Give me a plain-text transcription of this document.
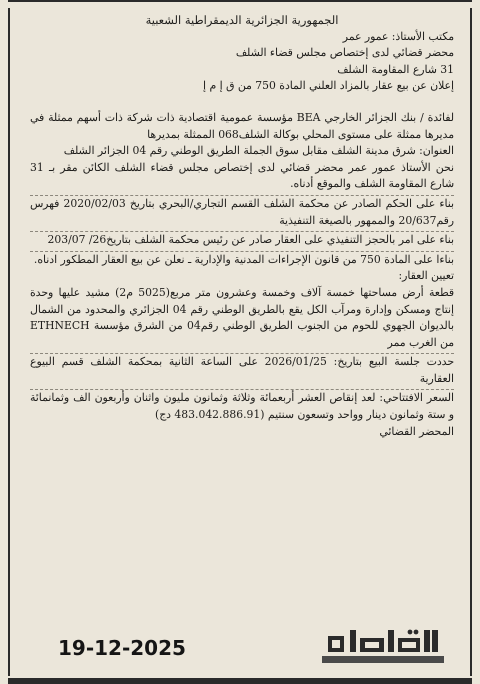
الجمهورية الجزائرية الديمقراطية الشعبية

مكتب الأستاذ: عمور عمر

محضر قضائي لدى إختصاص مجلس قضاء الشلف

31 شارع المقاومة الشلف

إعلان عن بيع عقار بالمزاد العلني المادة 750 من ق إ م إ

لفائدة / بنك الجزائر الخارجي BEA مؤسسة عمومية اقتصادية ذات شركة ذات أسهم ممثلة في مديرها ممثلة على مستوى المحلي بوكالة الشلف068 الممثلة بمديرها

العنوان: شرق مدينة الشلف مقابل سوق الجملة الطريق الوطني رقم 04 الجزائر الشلف

نحن الأستاذ عمور عمر محضر قضائي لدى إختصاص مجلس قضاء الشلف الكائن مقر بـ 31 شارع المقاومة الشلف والموقع أدناه.

بناء على الحكم الصادر عن محكمة الشلف القسم التجاري/البحري بتاريخ 2020/02/03 فهرس رقم20/637 والممهور بالصيغة التنفيذية

بناء على امر بالحجز التنفيذي على العقار صادر عن رئيس محكمة الشلف بتاريخ26/ 203/07

بناءا على المادة 750 من قانون الإجراءات المدنية والإدارية ـ نعلن عن بيع العقار المطكور ادناه.

تعيين العقار:

قطعة أرض مساحتها خمسة آلاف وخمسة وعشرون متر مربع(5025 م2) مشيد عليها وحدة إنتاج ومسكن وإدارة ومرآب الكل يقع بالطريق الوطني رقم 04 الجزائري والمحدود من الشمال بالديوان الجهوي للحوم من الجنوب الطريق الوطني رقم04 من الشرق مؤسسة ETHNECH من الغرب ممر

حددت جلسة البيع بتاريخ: 2026/01/25 على الساعة الثانية بمحكمة الشلف قسم البيوع العقارية

السعر الافتتاحي: لعد إنقاص العشر أربعمائة وثلاثة وثمانون مليون واثنان وأربعون الف وثمانمائة و ستة وثمانون دينار وواحد وتسعون سنتيم (483.042.886.91 دج)

المحضر القضائي

19-12-2025
